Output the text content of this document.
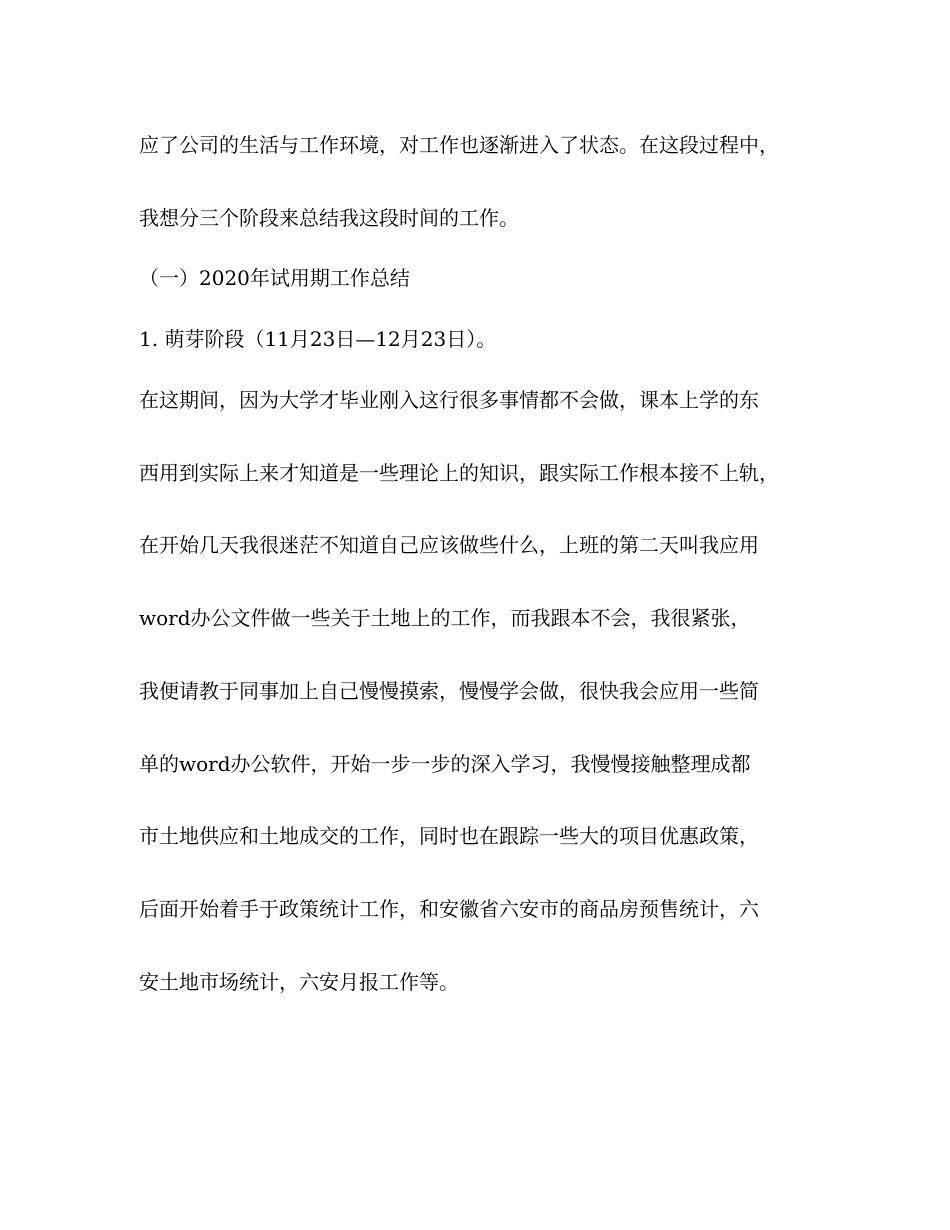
应了公司的生活与工作环境，对工作也逐渐进入了状态。在这段过程中，
我想分三个阶段来总结我这段时间的工作。
（一）2020年试用期工作总结
1. 萌芽阶段（11月23日—12月23日）。
在这期间，因为大学才毕业刚入这行很多事情都不会做，课本上学的东
西用到实际上来才知道是一些理论上的知识，跟实际工作根本接不上轨，
在开始几天我很迷茫不知道自己应该做些什么，上班的第二天叫我应用
word办公文件做一些关于土地上的工作，而我跟本不会，我很紧张，
我便请教于同事加上自己慢慢摸索，慢慢学会做，很快我会应用一些简
单的word办公软件，开始一步一步的深入学习，我慢慢接触整理成都
市土地供应和土地成交的工作，同时也在跟踪一些大的项目优惠政策，
后面开始着手于政策统计工作，和安徽省六安市的商品房预售统计，六
安土地市场统计，六安月报工作等。
